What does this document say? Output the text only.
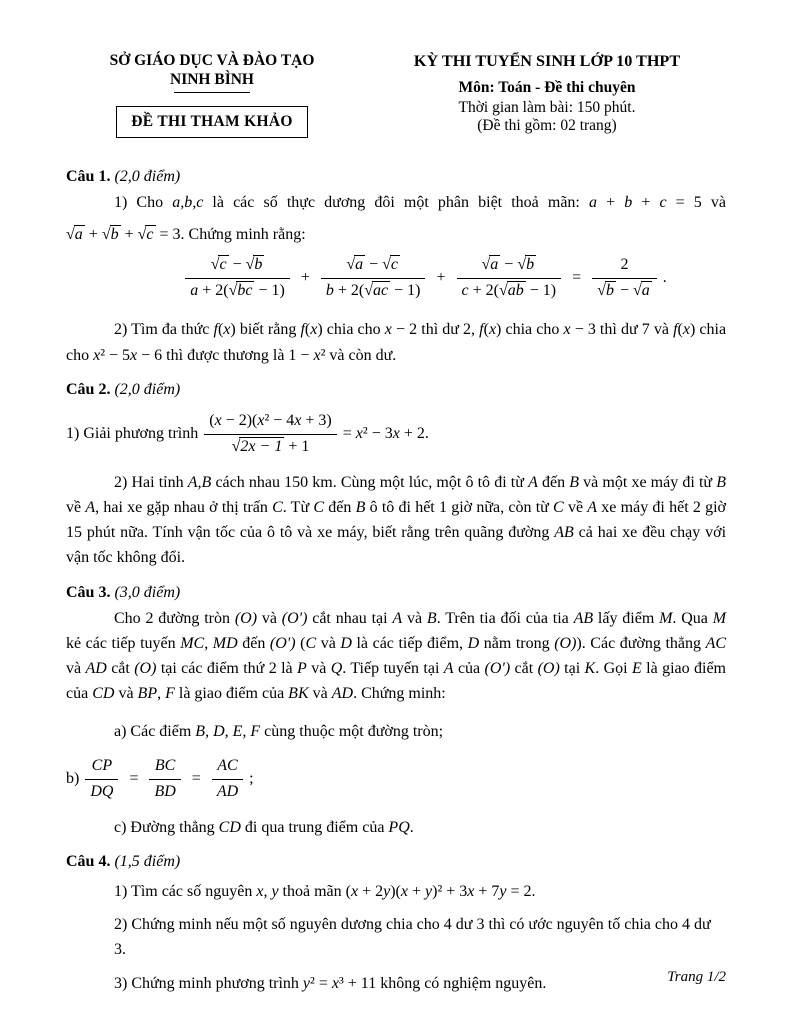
SỞ GIÁO DỤC VÀ ĐÀO TẠO
NINH BÌNH
ĐỀ THI THAM KHẢO
KỲ THI TUYỂN SINH LỚP 10 THPT
Môn: Toán - Đề thi chuyên
Thời gian làm bài: 150 phút.
(Đề thi gồm: 02 trang)

Câu 1. (2,0 điểm)

1) Cho a,b,c là các số thực dương đôi một phân biệt thoả mãn: a + b + c = 5 và

√a + √b + √c = 3. Chứng minh rằng:

$\frac{√c - √b}{a + 2(√bc - 1)} + \frac{√a - √c}{b + 2(√ac - 1)} + \frac{√a - √b}{c + 2(√ab - 1)} = \frac{2}{√b - √a}$ .

2) Tìm đa thức f(x) biết rằng f(x) chia cho x − 2 thì dư 2, f(x) chia cho x − 3 thì dư 7 và f(x) chia cho x² − 5x − 6 thì được thương là 1 − x² và còn dư.

Câu 2. (2,0 điểm)

1) Giải phương trình $\frac{\text{(x − 2)(x² − 4x + 3)}}{√2x - 1 + 1} = x^2 - 3x + 2$.

2) Hai tỉnh A,B cách nhau 150 km. Cùng một lúc, một ô tô đi từ A đến B và một xe máy đi từ B về A, hai xe gặp nhau ở thị trấn C. Từ C đến B ô tô đi hết 1 giờ nữa, còn từ C về A xe máy đi hết 2 giờ 15 phút nữa. Tính vận tốc của ô tô và xe máy, biết rằng trên quãng đường AB cả hai xe đều chạy với vận tốc không đổi.

Câu 3. (3,0 điểm)

Cho 2 đường tròn (O) và (O') cắt nhau tại A và B. Trên tia đối của tia AB lấy điểm M. Qua M kẻ các tiếp tuyến MC, MD đến (O') (C và D là các tiếp điểm, D nằm trong (O)). Các đường thẳng AC và AD cắt (O) tại các điểm thứ 2 là P và Q. Tiếp tuyến tại A của (O') cắt (O) tại K. Gọi E là giao điểm của CD và BP, F là giao điểm của BK và AD. Chứng minh:

a) Các điểm B, D, E, F cùng thuộc một đường tròn;

$b) \frac{CP}{DQ} = \frac{BC}{BD} = \frac{AC}{AD}$ ;

c) Đường thẳng CD đi qua trung điểm của PQ.

Câu 4. (1,5 điểm)

1) Tìm các số nguyên x, y thoả mãn (x + 2y)(x + y)² + 3x + 7y = 2.

2) Chứng minh nếu một số nguyên dương chia cho 4 dư 3 thì có ước nguyên tố chia cho 4 dư 3.

3) Chứng minh phương trình y² = x³ + 11 không có nghiệm nguyên.	Trang 1/2
